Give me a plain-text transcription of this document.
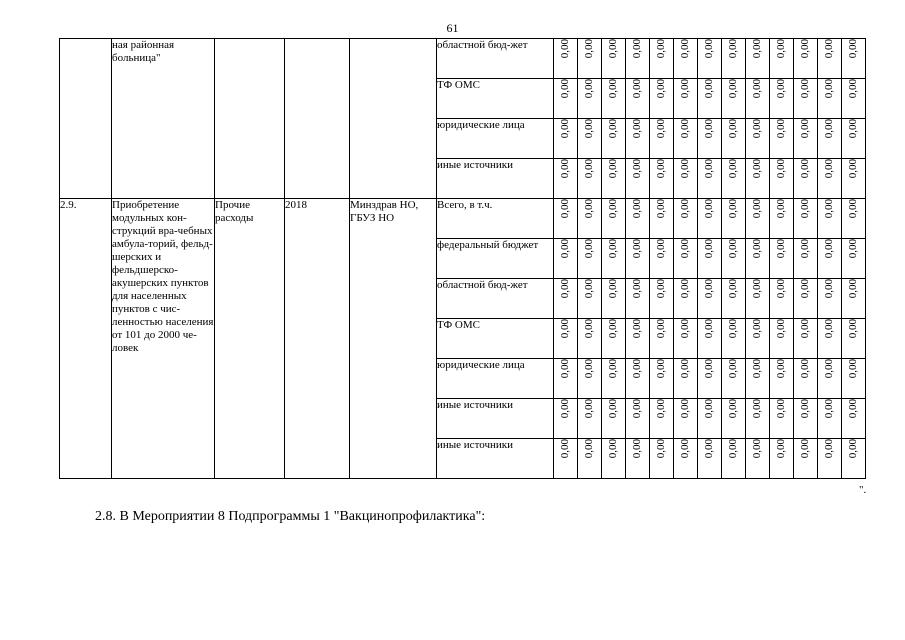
61
	ная районная больница"				областной бюд-жет	0,00	0,00	0,00	0,00	0,00	0,00	0,00	0,00	0,00	0,00	0,00	0,00	0,00
					ТФ ОМС	0,00	0,00	0,00	0,00	0,00	0,00	0,00	0,00	0,00	0,00	0,00	0,00	0,00
					юридические лица	0,00	0,00	0,00	0,00	0,00	0,00	0,00	0,00	0,00	0,00	0,00	0,00	0,00
					иные источники	0,00	0,00	0,00	0,00	0,00	0,00	0,00	0,00	0,00	0,00	0,00	0,00	0,00
2.9.	Приобретение модульных кон-струкций вра-чебных амбула-торий, фельд-шерских и фельдшерско-акушерских пунктов для населенных пунктов с чис-ленностью населения от 101 до 2000 че-ловек	Прочие расходы	2018	Минздрав НО, ГБУЗ НО	Всего, в т.ч.	0,00	0,00	0,00	0,00	0,00	0,00	0,00	0,00	0,00	0,00	0,00	0,00	0,00
					федеральный бюджет	0,00	0,00	0,00	0,00	0,00	0,00	0,00	0,00	0,00	0,00	0,00	0,00	0,00
					областной бюд-жет	0,00	0,00	0,00	0,00	0,00	0,00	0,00	0,00	0,00	0,00	0,00	0,00	0,00
					ТФ ОМС	0,00	0,00	0,00	0,00	0,00	0,00	0,00	0,00	0,00	0,00	0,00	0,00	0,00
					юридические лица	0,00	0,00	0,00	0,00	0,00	0,00	0,00	0,00	0,00	0,00	0,00	0,00	0,00
					иные источники	0,00	0,00	0,00	0,00	0,00	0,00	0,00	0,00	0,00	0,00	0,00	0,00	0,00
					иные источники	0,00	0,00	0,00	0,00	0,00	0,00	0,00	0,00	0,00	0,00	0,00	0,00	0,00
".
2.8. В Мероприятии 8 Подпрограммы 1 "Вакцинопрофилактика":
